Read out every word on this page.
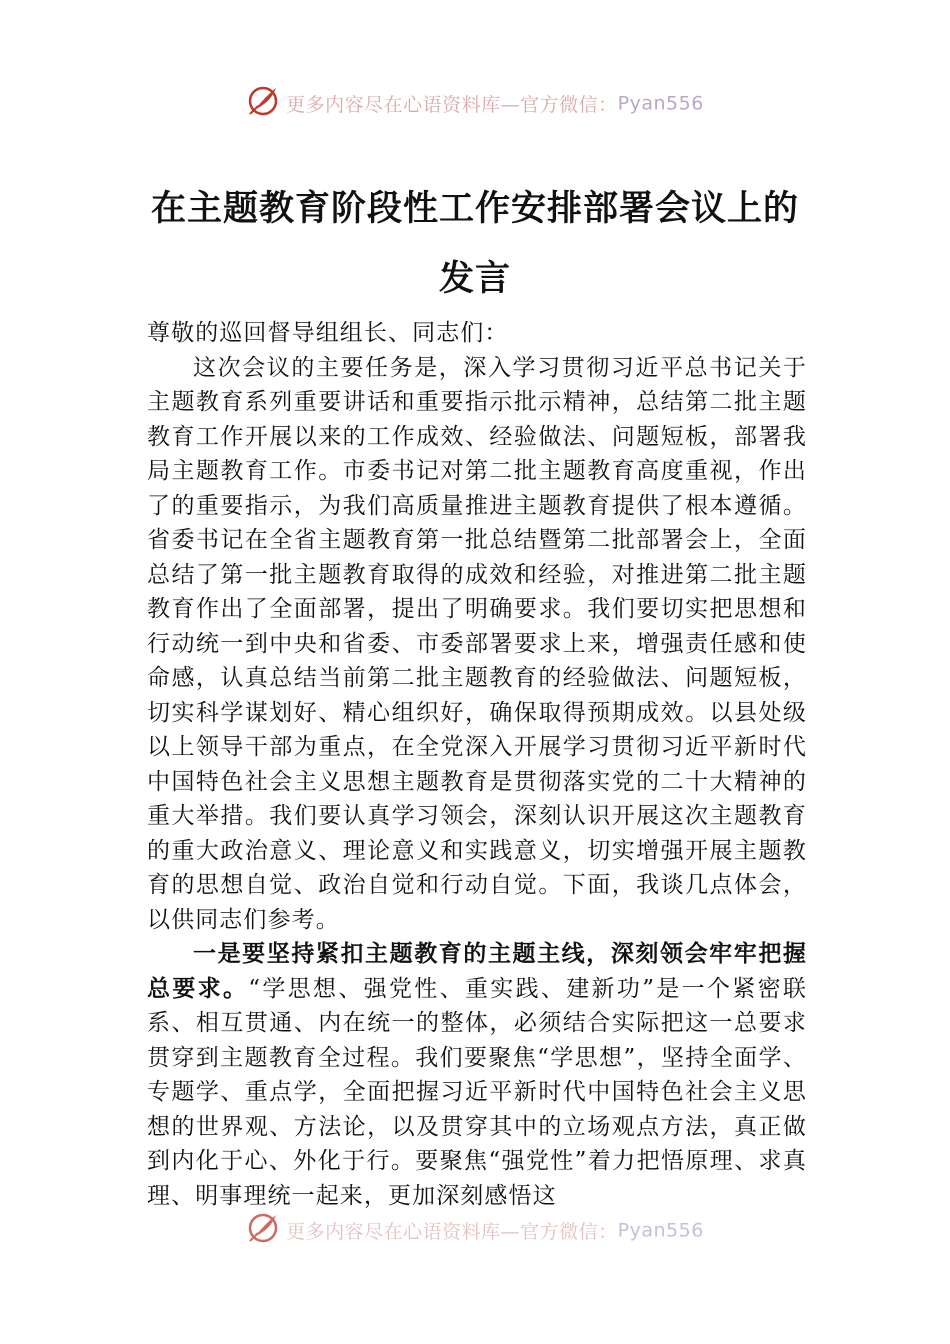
更多内容尽在心语资料库—官方微信：Pyan556
在主题教育阶段性工作安排部署会议上的
发言

尊敬的巡回督导组组长、同志们：

这次会议的主要任务是，深入学习贯彻习近平总书记关于主题教育系列重要讲话和重要指示批示精神，总结第二批主题教育工作开展以来的工作成效、经验做法、问题短板，部署我局主题教育工作。市委书记对第二批主题教育高度重视，作出了的重要指示，为我们高质量推进主题教育提供了根本遵循。省委书记在全省主题教育第一批总结暨第二批部署会上，全面总结了第一批主题教育取得的成效和经验，对推进第二批主题教育作出了全面部署，提出了明确要求。我们要切实把思想和行动统一到中央和省委、市委部署要求上来，增强责任感和使命感，认真总结当前第二批主题教育的经验做法、问题短板，切实科学谋划好、精心组织好，确保取得预期成效。以县处级以上领导干部为重点，在全党深入开展学习贯彻习近平新时代中国特色社会主义思想主题教育是贯彻落实党的二十大精神的重大举措。我们要认真学习领会，深刻认识开展这次主题教育的重大政治意义、理论意义和实践意义，切实增强开展主题教育的思想自觉、政治自觉和行动自觉。下面，我谈几点体会，以供同志们参考。

一是要坚持紧扣主题教育的主题主线，深刻领会牢牢把握总要求。“学思想、强党性、重实践、建新功”是一个紧密联系、相互贯通、内在统一的整体，必须结合实际把这一总要求贯穿到主题教育全过程。我们要聚焦“学思想”，坚持全面学、专题学、重点学，全面把握习近平新时代中国特色社会主义思想的世界观、方法论，以及贯穿其中的立场观点方法，真正做到内化于心、外化于行。要聚焦“强党性”着力把悟原理、求真理、明事理统一起来，更加深刻感悟这

更多内容尽在心语资料库—官方微信：Pyan556
